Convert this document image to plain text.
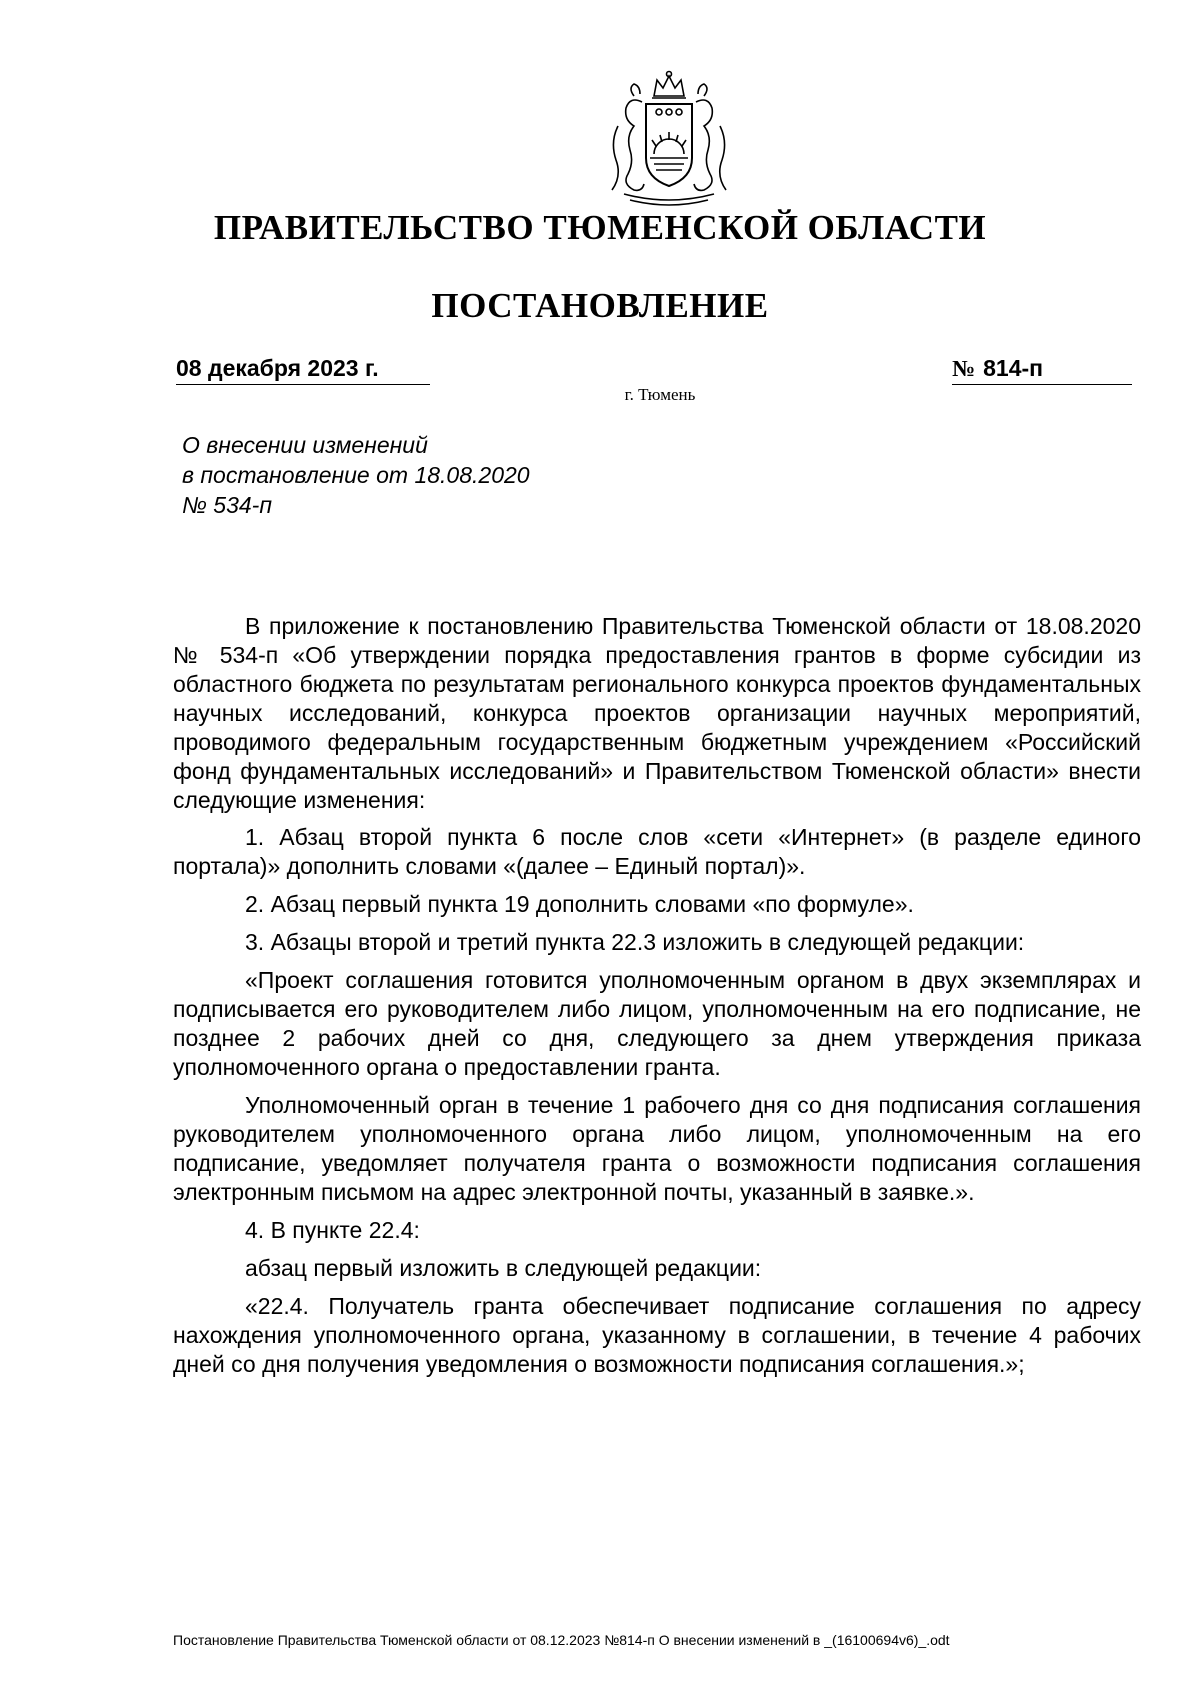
ПРАВИТЕЛЬСТВО ТЮМЕНСКОЙ ОБЛАСТИ
ПОСТАНОВЛЕНИЕ
08 декабря 2023 г.	№ 814-п
г. Тюмень
О внесении изменений
в постановление от 18.08.2020
№ 534-п

В приложение к постановлению Правительства Тюменской области от 18.08.2020 № 534-п «Об утверждении порядка предоставления грантов в форме субсидии из областного бюджета по результатам регионального конкурса проектов фундаментальных научных исследований, конкурса проектов организации научных мероприятий, проводимого федеральным государственным бюджетным учреждением «Российский фонд фундаментальных исследований» и Правительством Тюменской области» внести следующие изменения:

1. Абзац второй пункта 6 после слов «сети «Интернет» (в разделе единого портала)» дополнить словами «(далее – Единый портал)».

2. Абзац первый пункта 19 дополнить словами «по формуле».

3. Абзацы второй и третий пункта 22.3 изложить в следующей редакции:

«Проект соглашения готовится уполномоченным органом в двух экземплярах и подписывается его руководителем либо лицом, уполномоченным на его подписание, не позднее 2 рабочих дней со дня, следующего за днем утверждения приказа уполномоченного органа о предоставлении гранта.

Уполномоченный орган в течение 1 рабочего дня со дня подписания соглашения руководителем уполномоченного органа либо лицом, уполномоченным на его подписание, уведомляет получателя гранта о возможности подписания соглашения электронным письмом на адрес электронной почты, указанный в заявке.».

4. В пункте 22.4:

абзац первый изложить в следующей редакции:

«22.4. Получатель гранта обеспечивает подписание соглашения по адресу нахождения уполномоченного органа, указанному в соглашении, в течение 4 рабочих дней со дня получения уведомления о возможности подписания соглашения.»;

Постановление Правительства Тюменской области от 08.12.2023 №814-п О внесении изменений в _(16100694v6)_.odt
